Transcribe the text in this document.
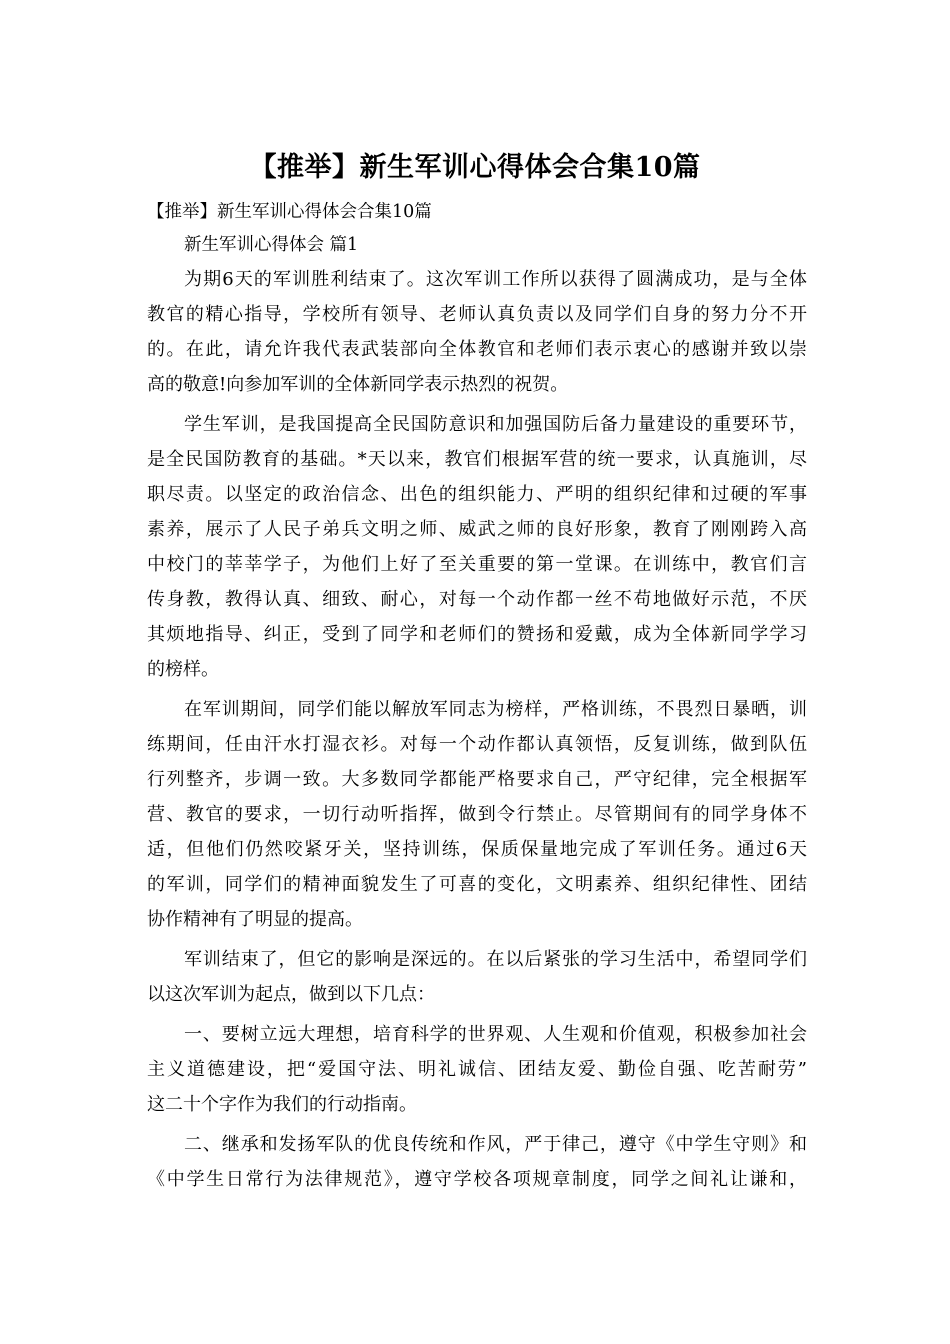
【推举】新生军训心得体会合集10篇

【推举】新生军训心得体会合集10篇

新生军训心得体会 篇1

为期6天的军训胜利结束了。这次军训工作所以获得了圆满成功，是与全体
教官的精心指导，学校所有领导、老师认真负责以及同学们自身的努力分不开
的。在此，请允许我代表武装部向全体教官和老师们表示衷心的感谢并致以崇
高的敬意!向参加军训的全体新同学表示热烈的祝贺。

学生军训，是我国提高全民国防意识和加强国防后备力量建设的重要环节，
是全民国防教育的基础。*天以来，教官们根据军营的统一要求，认真施训，尽
职尽责。以坚定的政治信念、出色的组织能力、严明的组织纪律和过硬的军事
素养，展示了人民子弟兵文明之师、威武之师的良好形象，教育了刚刚跨入高
中校门的莘莘学子，为他们上好了至关重要的第一堂课。在训练中，教官们言
传身教，教得认真、细致、耐心，对每一个动作都一丝不苟地做好示范，不厌
其烦地指导、纠正，受到了同学和老师们的赞扬和爱戴，成为全体新同学学习
的榜样。

在军训期间，同学们能以解放军同志为榜样，严格训练，不畏烈日暴晒，训
练期间，任由汗水打湿衣衫。对每一个动作都认真领悟，反复训练，做到队伍
行列整齐，步调一致。大多数同学都能严格要求自己，严守纪律，完全根据军
营、教官的要求，一切行动听指挥，做到令行禁止。尽管期间有的同学身体不
适，但他们仍然咬紧牙关，坚持训练，保质保量地完成了军训任务。通过6天
的军训，同学们的精神面貌发生了可喜的变化，文明素养、组织纪律性、团结
协作精神有了明显的提高。

军训结束了，但它的影响是深远的。在以后紧张的学习生活中，希望同学们
以这次军训为起点，做到以下几点：

一、要树立远大理想，培育科学的世界观、人生观和价值观，积极参加社会
主义道德建设，把“爱国守法、明礼诚信、团结友爱、勤俭自强、吃苦耐劳”
这二十个字作为我们的行动指南。

二、继承和发扬军队的优良传统和作风，严于律己，遵守《中学生守则》和
《中学生日常行为法律规范》，遵守学校各项规章制度，同学之间礼让谦和，
